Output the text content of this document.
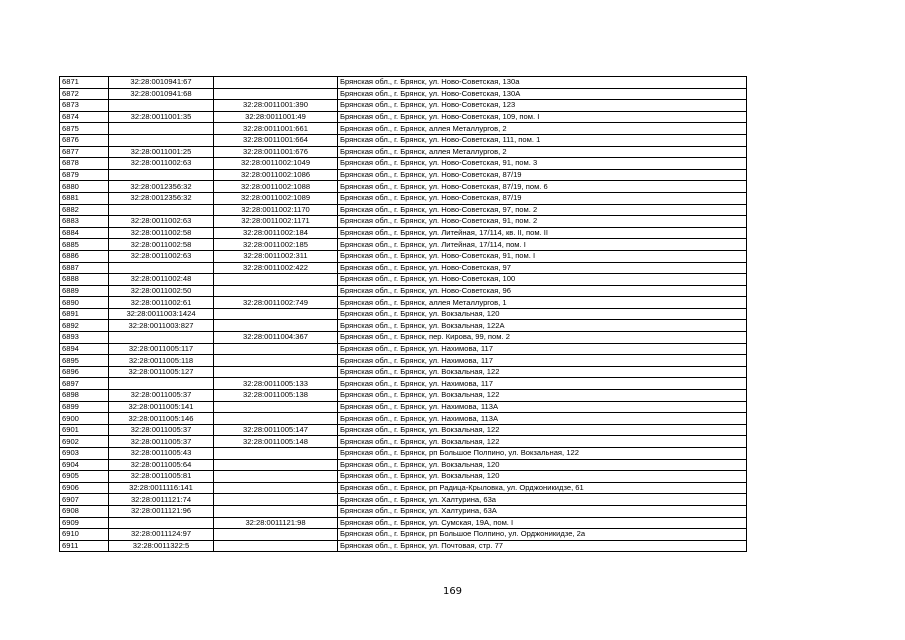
6871	32:28:0010941:67		Брянская обл., г. Брянск, ул. Ново-Советская, 130а
6872	32:28:0010941:68		Брянская обл., г. Брянск, ул. Ново-Советская, 130А
6873		32:28:0011001:390	Брянская обл., г. Брянск, ул. Ново-Советская, 123
6874	32:28:0011001:35	32:28:0011001:49	Брянская обл., г. Брянск, ул. Ново-Советская, 109, пом. I
6875		32:28:0011001:661	Брянская обл., г. Брянск, аллея Металлургов, 2
6876		32:28:0011001:664	Брянская обл., г. Брянск, ул. Ново-Советская, 111, пом. 1
6877	32:28:0011001:25	32:28:0011001:676	Брянская обл., г. Брянск, аллея Металлургов, 2
6878	32:28:0011002:63	32:28:0011002:1049	Брянская обл., г. Брянск, ул. Ново-Советская, 91, пом. 3
6879		32:28:0011002:1086	Брянская обл., г. Брянск, ул. Ново-Советская, 87/19
6880	32:28:0012356:32	32:28:0011002:1088	Брянская обл., г. Брянск, ул. Ново-Советская, 87/19, пом. 6
6881	32:28:0012356:32	32:28:0011002:1089	Брянская обл., г. Брянск, ул. Ново-Советская, 87/19
6882		32:28:0011002:1170	Брянская обл., г. Брянск, ул. Ново-Советская, 97, пом. 2
6883	32:28:0011002:63	32:28:0011002:1171	Брянская обл., г. Брянск, ул. Ново-Советская, 91, пом. 2
6884	32:28:0011002:58	32:28:0011002:184	Брянская обл., г. Брянск, ул. Литейная, 17/114, кв. II, пом. II
6885	32:28:0011002:58	32:28:0011002:185	Брянская обл., г. Брянск, ул. Литейная, 17/114, пом. I
6886	32:28:0011002:63	32:28:0011002:311	Брянская обл., г. Брянск, ул. Ново-Советская, 91, пом. I
6887		32:28:0011002:422	Брянская обл., г. Брянск, ул. Ново-Советская, 97
6888	32:28:0011002:48		Брянская обл., г. Брянск, ул. Ново-Советская, 100
6889	32:28:0011002:50		Брянская обл., г. Брянск, ул. Ново-Советская, 96
6890	32:28:0011002:61	32:28:0011002:749	Брянская обл., г. Брянск, аллея Металлургов, 1
6891	32:28:0011003:1424		Брянская обл., г. Брянск, ул. Вокзальная, 120
6892	32:28:0011003:827		Брянская обл., г. Брянск, ул. Вокзальная, 122А
6893		32:28:0011004:367	Брянская обл., г. Брянск, пер. Кирова, 99, пом. 2
6894	32:28:0011005:117		Брянская обл., г. Брянск, ул. Нахимова, 117
6895	32:28:0011005:118		Брянская обл., г. Брянск, ул. Нахимова, 117
6896	32:28:0011005:127		Брянская обл., г. Брянск, ул. Вокзальная, 122
6897		32:28:0011005:133	Брянская обл., г. Брянск, ул. Нахимова, 117
6898	32:28:0011005:37	32:28:0011005:138	Брянская обл., г. Брянск, ул. Вокзальная, 122
6899	32:28:0011005:141		Брянская обл., г. Брянск, ул. Нахимова, 113А
6900	32:28:0011005:146		Брянская обл., г. Брянск, ул. Нахимова, 113А
6901	32:28:0011005:37	32:28:0011005:147	Брянская обл., г. Брянск, ул. Вокзальная, 122
6902	32:28:0011005:37	32:28:0011005:148	Брянская обл., г. Брянск, ул. Вокзальная, 122
6903	32:28:0011005:43		Брянская обл., г. Брянск, рп Большое Полпино, ул. Вокзальная, 122
6904	32:28:0011005:64		Брянская обл., г. Брянск, ул. Вокзальная, 120
6905	32:28:0011005:81		Брянская обл., г. Брянск, ул. Вокзальная, 120
6906	32:28:0011116:141		Брянская обл., г. Брянск, рп Радица-Крыловка, ул. Орджоникидзе, 61
6907	32:28:0011121:74		Брянская обл., г. Брянск, ул. Халтурина, 63а
6908	32:28:0011121:96		Брянская обл., г. Брянск, ул. Халтурина, 63А
6909		32:28:0011121:98	Брянская обл., г. Брянск, ул. Сумская, 19А, пом. I
6910	32:28:0011124:97		Брянская обл., г. Брянск, рп Большое Полпино, ул. Орджоникидзе, 2а
6911	32:28:0011322:5		Брянская обл., г. Брянск, ул. Почтовая, стр. 77
169
